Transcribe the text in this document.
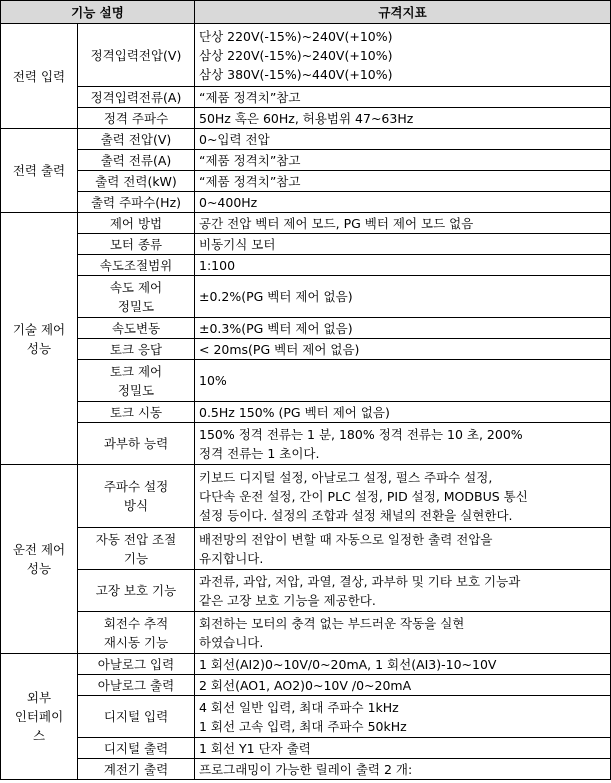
기능 설명		규격지표

전력 입력	정격입력전압(V)	단상 220V(-15%)~240V(+10%)
삼상 220V(-15%)~240V(+10%)
삼상 380V(-15%)~440V(+10%)

	정격입력전류(A)	“제품 정격치”참고

	정격 주파수	50Hz 혹은 60Hz, 허용범위 47~63Hz

전력 출력	출력 전압(V)	0~입력 전압

	출력 전류(A)	“제품 정격치”참고

	출력 전력(kW)	“제품 정격치”참고

	출력 주파수(Hz)	0~400Hz

기술 제어
성능	제어 방법	공간 전압 벡터 제어 모드, PG 벡터 제어 모드 없음

	모터 종류	비동기식 모터

	속도조절범위	1:100

	속도 제어
정밀도	±0.2%(PG 벡터 제어 없음)

	속도변동	±0.3%(PG 벡터 제어 없음)

	토크 응답	< 20ms(PG 벡터 제어 없음)

	토크 제어
정밀도	10%

	토크 시동	0.5Hz 150% (PG 벡터 제어 없음)

	과부하 능력	150% 정격 전류는 1 분, 180% 정격 전류는 10 초, 200%
정격 전류는 1 초이다.

운전 제어
성능	주파수 설정
방식	키보드 디지털 설정, 아날로그 설정, 펄스 주파수 설정,
다단속 운전 설정, 간이 PLC 설정, PID 설정, MODBUS 통신
설정 등이다. 설정의 조합과 설정 채널의 전환을 실현한다.

	자동 전압 조절
기능	배전망의 전압이 변할 때 자동으로 일정한 출력 전압을
유지합니다.

	고장 보호 기능	과전류, 과압, 저압, 과열, 결상, 과부하 및 기타 보호 기능과
같은 고장 보호 기능을 제공한다.

	회전수 추적
재시동 기능	회전하는 모터의 충격 없는 부드러운 작동을 실현
하였습니다.

외부
인터페이
스	아날로그 입력	1 회선(AI2)0~10V/0~20mA, 1 회선(AI3)-10~10V

	아날로그 출력	2 회선(AO1, AO2)0~10V /0~20mA

	디지털 입력	4 회선 일반 입력, 최대 주파수 1kHz
1 회선 고속 입력, 최대 주파수 50kHz

	디지털 출력	1 회선 Y1 단자 출력

	계전기 출력	프로그래밍이 가능한 릴레이 출력 2 개:
